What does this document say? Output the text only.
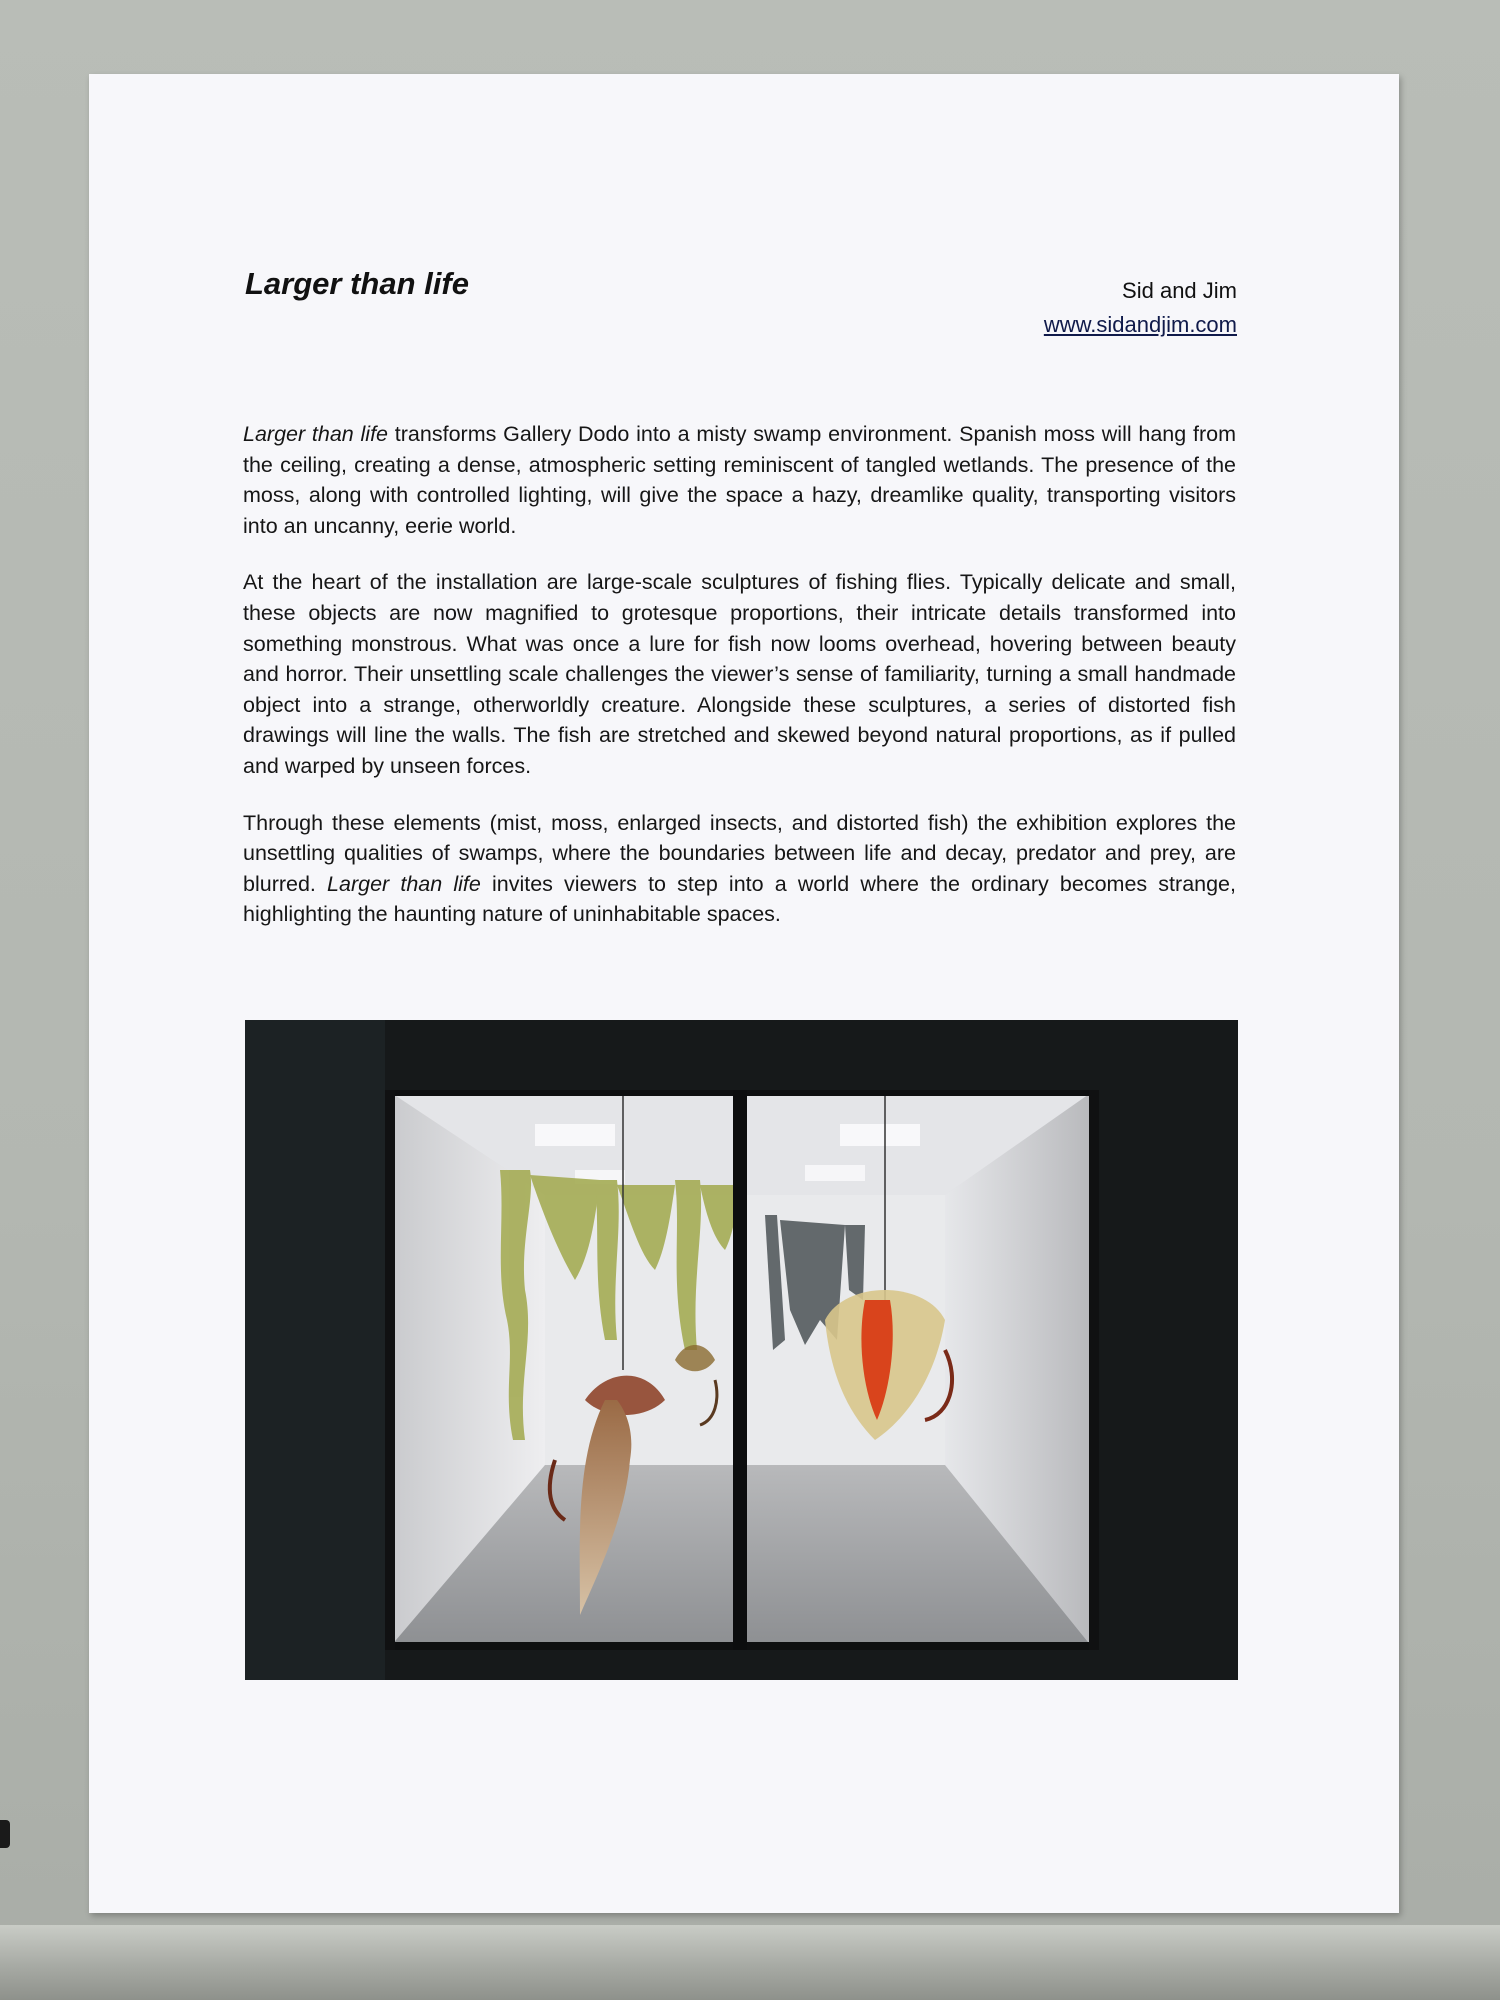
Larger than life	Sid and Jim
www.sidandjim.com

Larger than life transforms Gallery Dodo into a misty swamp environment. Spanish moss will hang from the ceiling, creating a dense, atmospheric setting reminiscent of tangled wetlands. The presence of the moss, along with controlled lighting, will give the space a hazy, dreamlike quality, transporting visitors into an uncanny, eerie world.

At the heart of the installation are large-scale sculptures of fishing flies. Typically delicate and small, these objects are now magnified to grotesque proportions, their intricate details transformed into something monstrous. What was once a lure for fish now looms overhead, hovering between beauty and horror. Their unsettling scale challenges the viewer’s sense of familiarity, turning a small handmade object into a strange, otherworldly creature. Alongside these sculptures, a series of distorted fish drawings will line the walls. The fish are stretched and skewed beyond natural proportions, as if pulled and warped by unseen forces.

Through these elements (mist, moss, enlarged insects, and distorted fish) the exhibition explores the unsettling qualities of swamps, where the boundaries between life and decay, predator and prey, are blurred. Larger than life invites viewers to step into a world where the ordinary becomes strange, highlighting the haunting nature of uninhabitable spaces.
